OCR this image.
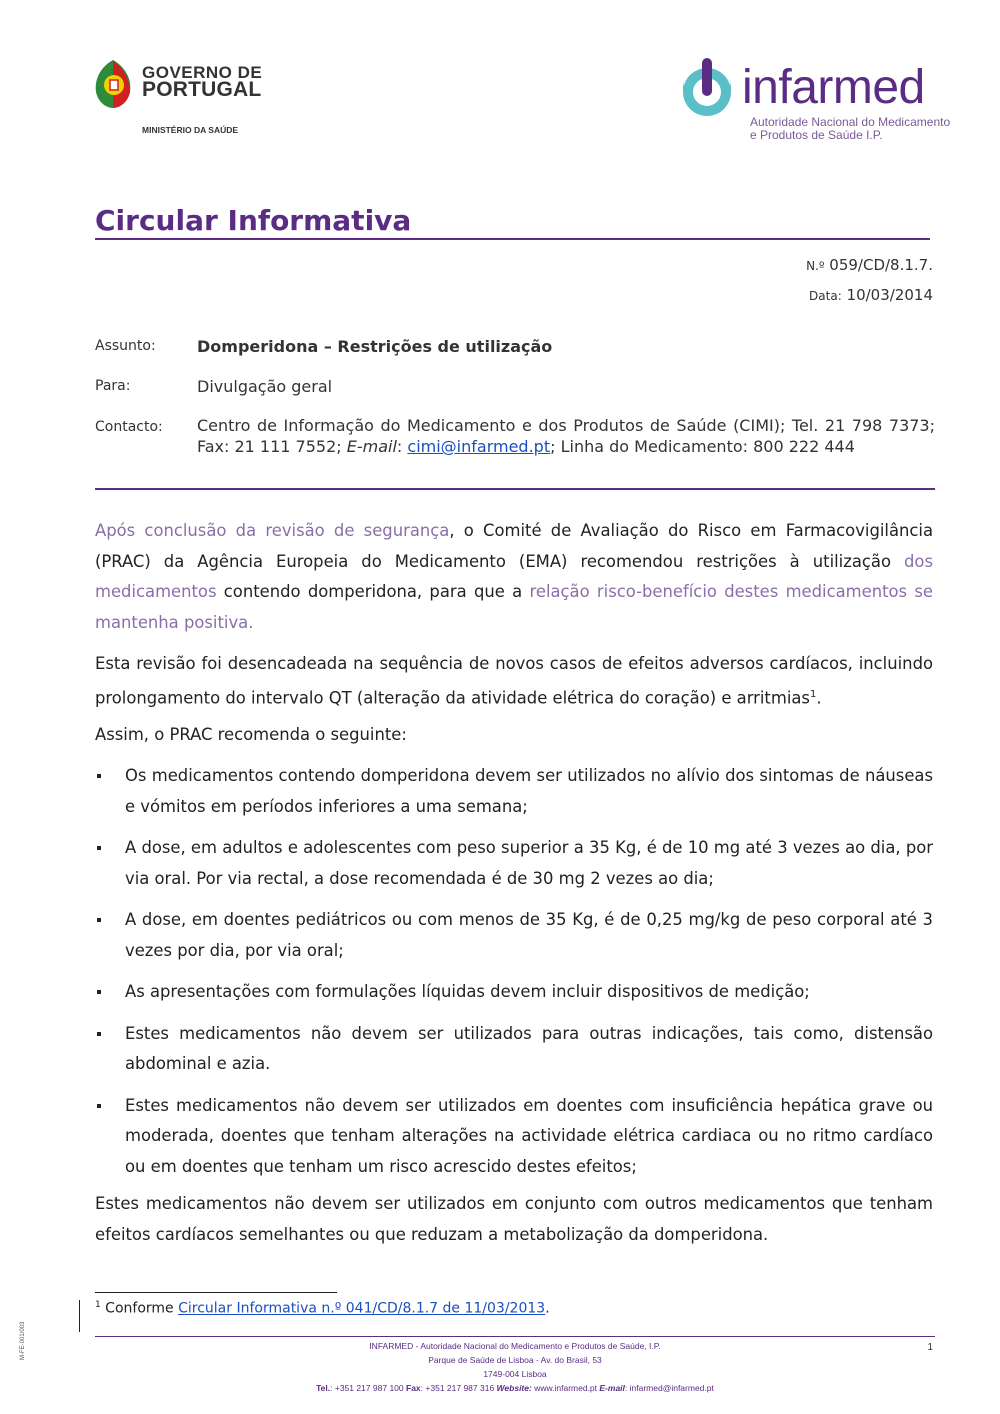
GOVERNO DE
PORTUGAL
MINISTÉRIO DA SAÚDE
infarmed
Autoridade Nacional do Medicamento
e Produtos de Saúde I.P.
Circular Informativa
N.º 059/CD/8.1.7.
Data: 10/03/2014
Assunto:	Domperidona – Restrições de utilização
Para:	Divulgação geral
Contacto: Centro de Informação do Medicamento e dos Produtos de Saúde (CIMI); Tel. 21 798 7373; Fax: 21 111 7552; E-mail: cimi@infarmed.pt; Linha do Medicamento: 800 222 444
Após conclusão da revisão de segurança, o Comité de Avaliação do Risco em Farmacovigilância (PRAC) da Agência Europeia do Medicamento (EMA) recomendou restrições à utilização dos medicamentos contendo domperidona, para que a relação risco-benefício destes medicamentos se mantenha positiva.
Esta revisão foi desencadeada na sequência de novos casos de efeitos adversos cardíacos, incluindo prolongamento do intervalo QT (alteração da atividade elétrica do coração) e arritmias$^1$.
Assim, o PRAC recomenda o seguinte:
Os medicamentos contendo domperidona devem ser utilizados no alívio dos sintomas de náuseas e vómitos em períodos inferiores a uma semana;
A dose, em adultos e adolescentes com peso superior a 35 Kg, é de 10 mg até 3 vezes ao dia, por via oral. Por via rectal, a dose recomendada é de 30 mg 2 vezes ao dia;
A dose, em doentes pediátricos ou com menos de 35 Kg, é de 0,25 mg/kg de peso corporal até 3 vezes por dia, por via oral;
As apresentações com formulações líquidas devem incluir dispositivos de medição;
Estes medicamentos não devem ser utilizados para outras indicações, tais como, distensão abdominal e azia.
Estes medicamentos não devem ser utilizados em doentes com insuficiência hepática grave ou moderada, doentes que tenham alterações na actividade elétrica cardiaca ou no ritmo cardíaco ou em doentes que tenham um risco acrescido destes efeitos;
Estes medicamentos não devem ser utilizados em conjunto com outros medicamentos que tenham efeitos cardíacos semelhantes ou que reduzam a metabolização da domperidona.
$^1$ Conforme Circular Informativa n.º 041/CD/8.1.7 de 11/03/2013.
INFARMED - Autoridade Nacional do Medicamento e Produtos de Saúde, I.P.
Parque de Saúde de Lisboa - Av. do Brasil, 53
1749-004 Lisboa
Tel.: +351 217 987 100 Fax: +351 217 987 316 Website: www.infarmed.pt E-mail: infarmed@infarmed.pt
1
M-FE-001/003
